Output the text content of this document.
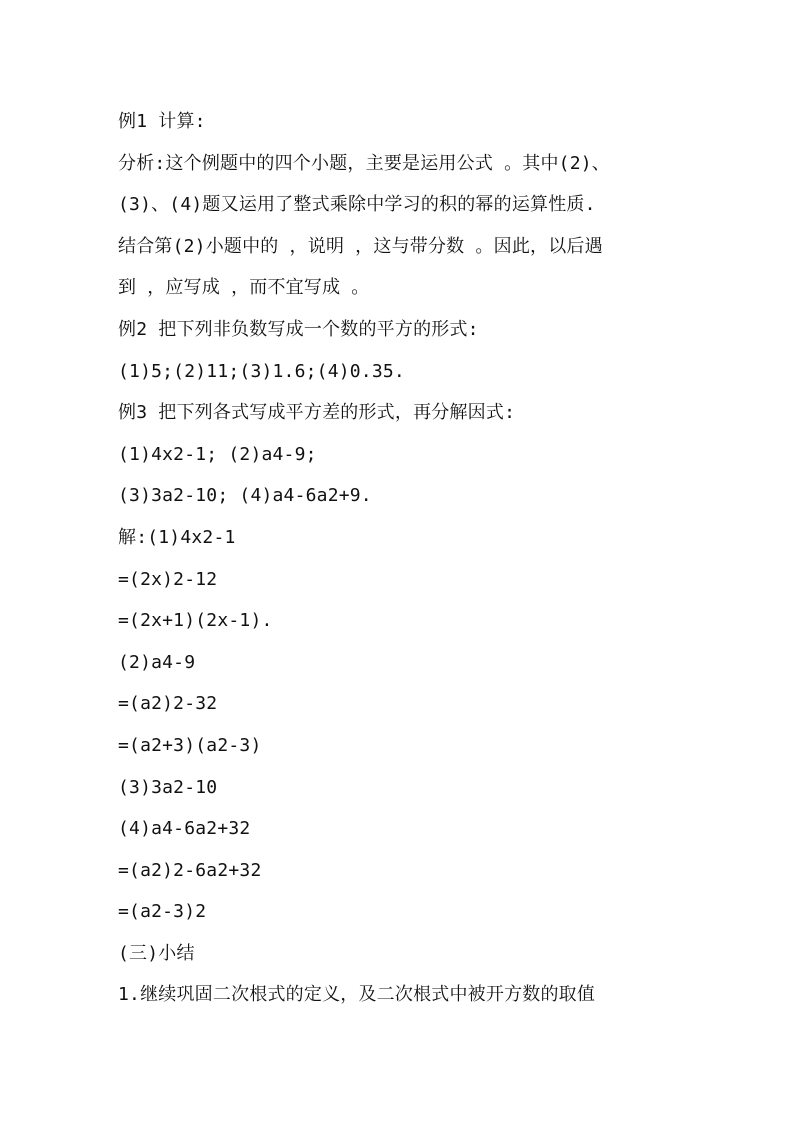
例1 计算:
分析:这个例题中的四个小题，主要是运用公式 。其中(2)、
(3)、(4)题又运用了整式乘除中学习的积的幂的运算性质.
结合第(2)小题中的 ，说明 ，这与带分数 。因此，以后遇
到 ，应写成 ，而不宜写成 。
例2 把下列非负数写成一个数的平方的形式:
(1)5;(2)11;(3)1.6;(4)0.35.
例3 把下列各式写成平方差的形式，再分解因式:
(1)4x2-1; (2)a4-9;
(3)3a2-10; (4)a4-6a2+9.
解:(1)4x2-1
=(2x)2-12
=(2x+1)(2x-1).
(2)a4-9
=(a2)2-32
=(a2+3)(a2-3)
(3)3a2-10
(4)a4-6a2+32
=(a2)2-6a2+32
=(a2-3)2
(三)小结
1.继续巩固二次根式的定义，及二次根式中被开方数的取值
